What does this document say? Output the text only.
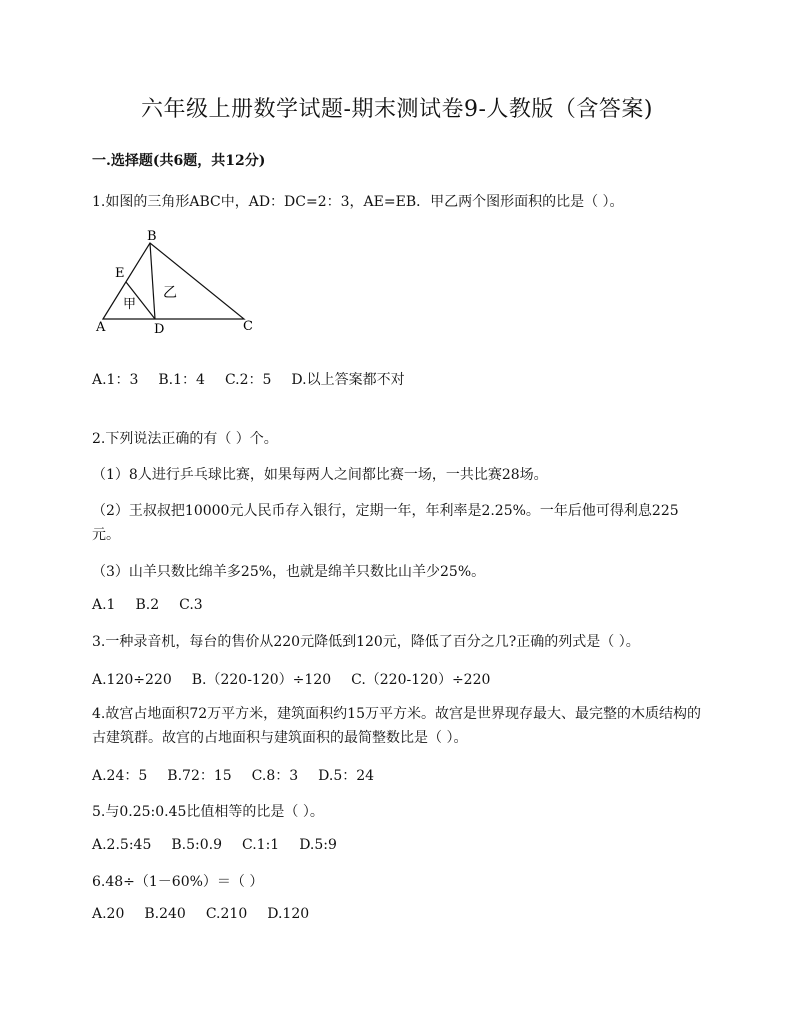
六年级上册数学试题-期末测试卷9-人教版（含答案)
一.选择题(共6题，共12分)
1.如图的三角形ABC中，AD：DC=2：3，AE=EB．甲乙两个图形面积的比是（ ）。
B
E
A	D	C
甲
乙
A.1：3 B.1：4 C.2：5 D.以上答案都不对
2.下列说法正确的有（ ）个。
（1）8人进行乒乓球比赛，如果每两人之间都比赛一场，一共比赛28场。
（2）王叔叔把10000元人民币存入银行，定期一年，年利率是2.25%。一年后他可得利息225元。
（3）山羊只数比绵羊多25%，也就是绵羊只数比山羊少25%。
A.1 B.2 C.3
3.一种录音机，每台的售价从220元降低到120元，降低了百分之几?正确的列式是（ ）。
A.120÷220 B.（220-120）÷120 C.（220-120）÷220
4.故宫占地面积72万平方米，建筑面积约15万平方米。故宫是世界现存最大、最完整的木质结构的古建筑群。故宫的占地面积与建筑面积的最简整数比是（ ）。
A.24：5 B.72：15 C.8：3 D.5：24
5.与0.25:0.45比值相等的比是（ ）。
A.2.5:45 B.5:0.9 C.1:1 D.5:9
6.48÷（1－60%）＝（ ）
A.20 B.240 C.210 D.120
